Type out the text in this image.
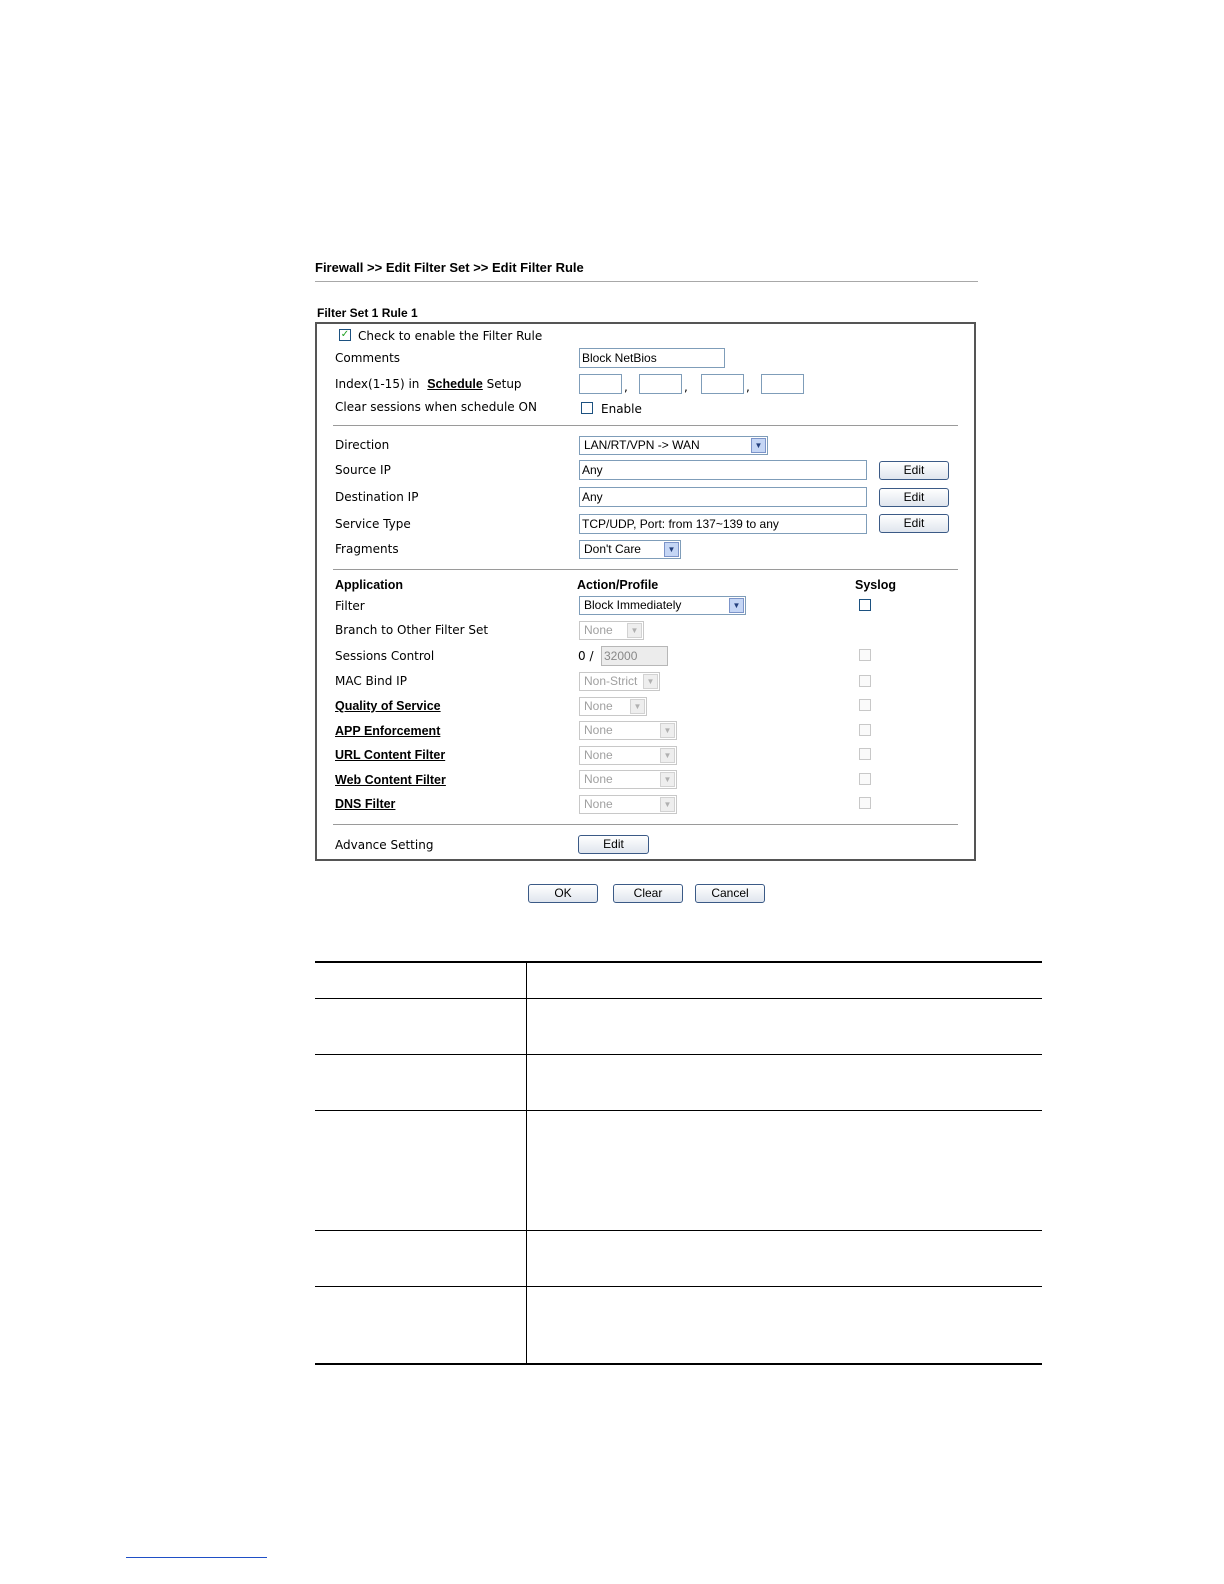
Firewall >> Edit Filter Set >> Edit Filter Rule
Filter Set 1 Rule 1
✓ Check to enable the Filter Rule
Comments	Block NetBios
Index(1-15) in Schedule Setup	,	,	,
Clear sessions when schedule ON	Enable
Direction	LAN/RT/VPN -> WAN	▼
Source IP	Any	Edit
Destination IP	Any	Edit
Service Type	TCP/UDP, Port: from 137~139 to any	Edit
Fragments	Don't Care	▼
Application	Action/Profile	Syslog
Filter	Block Immediately	▼
Branch to Other Filter Set	None	▼
Sessions Control	0 / 32000
MAC Bind IP	Non-Strict	▼
Quality of Service	None	▼
APP Enforcement	None	▼
URL Content Filter	None	▼
Web Content Filter	None	▼
DNS Filter	None	▼
Advance Setting	Edit
OK	Clear	Cancel
